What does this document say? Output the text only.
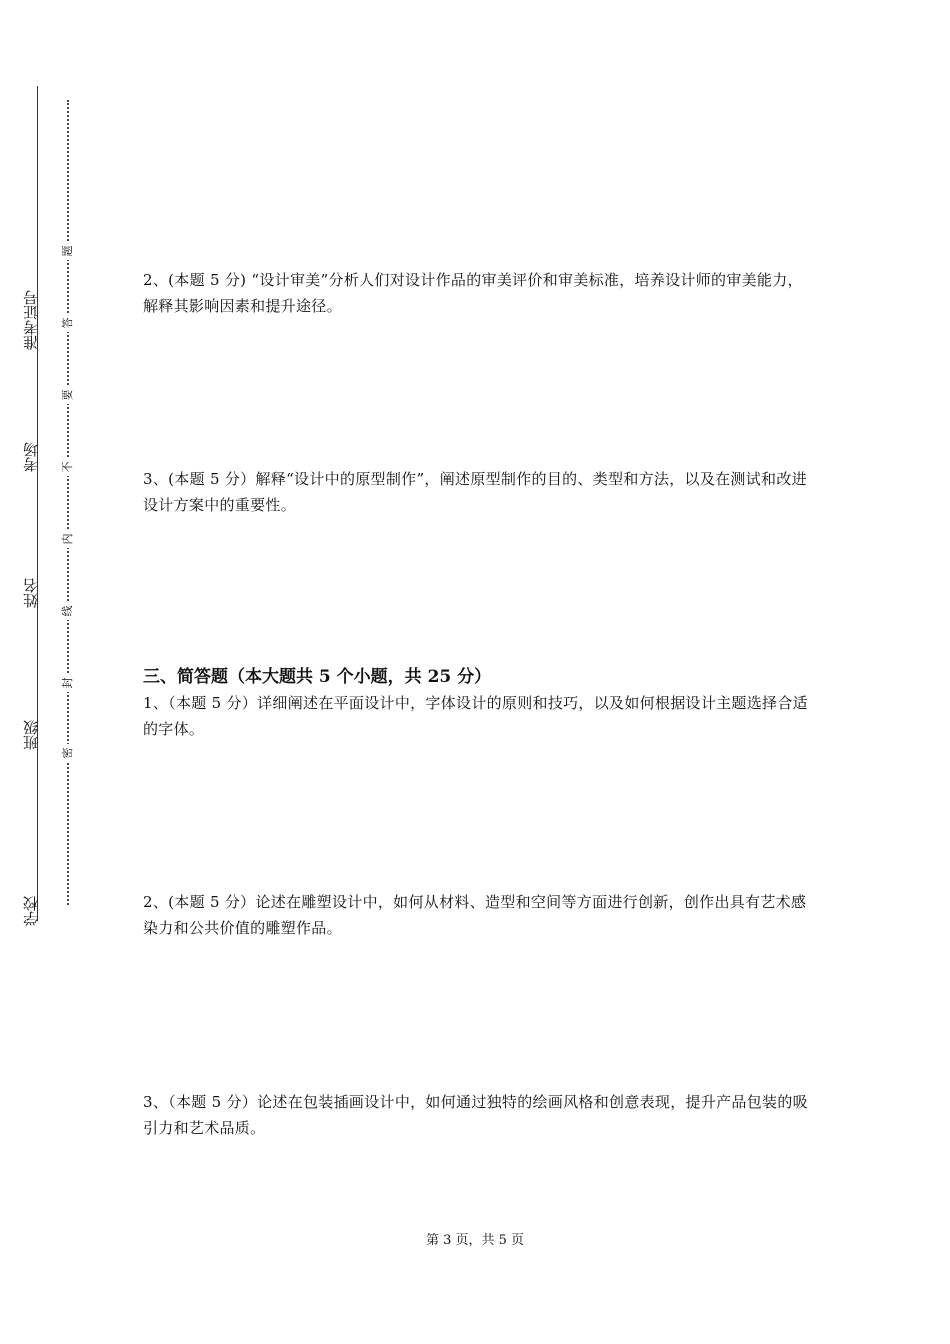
准考证号
考场
姓名
班级
学校
题
答
要
不
内
线
封
密
2、(本题 5 分) “设计审美”分析人们对设计作品的审美评价和审美标准，培养设计师的审美能力，解释其影响因素和提升途径。
3、(本题 5 分）解释“设计中的原型制作”，阐述原型制作的目的、类型和方法，以及在测试和改进设计方案中的重要性。
三、简答题（本大题共 5 个小题，共 25 分）
1、（本题 5 分）详细阐述在平面设计中，字体设计的原则和技巧，以及如何根据设计主题选择合适的字体。
2、(本题 5 分）论述在雕塑设计中，如何从材料、造型和空间等方面进行创新，创作出具有艺术感染力和公共价值的雕塑作品。
3、（本题 5 分）论述在包装插画设计中，如何通过独特的绘画风格和创意表现，提升产品包装的吸引力和艺术品质。
第 3 页，共 5 页
